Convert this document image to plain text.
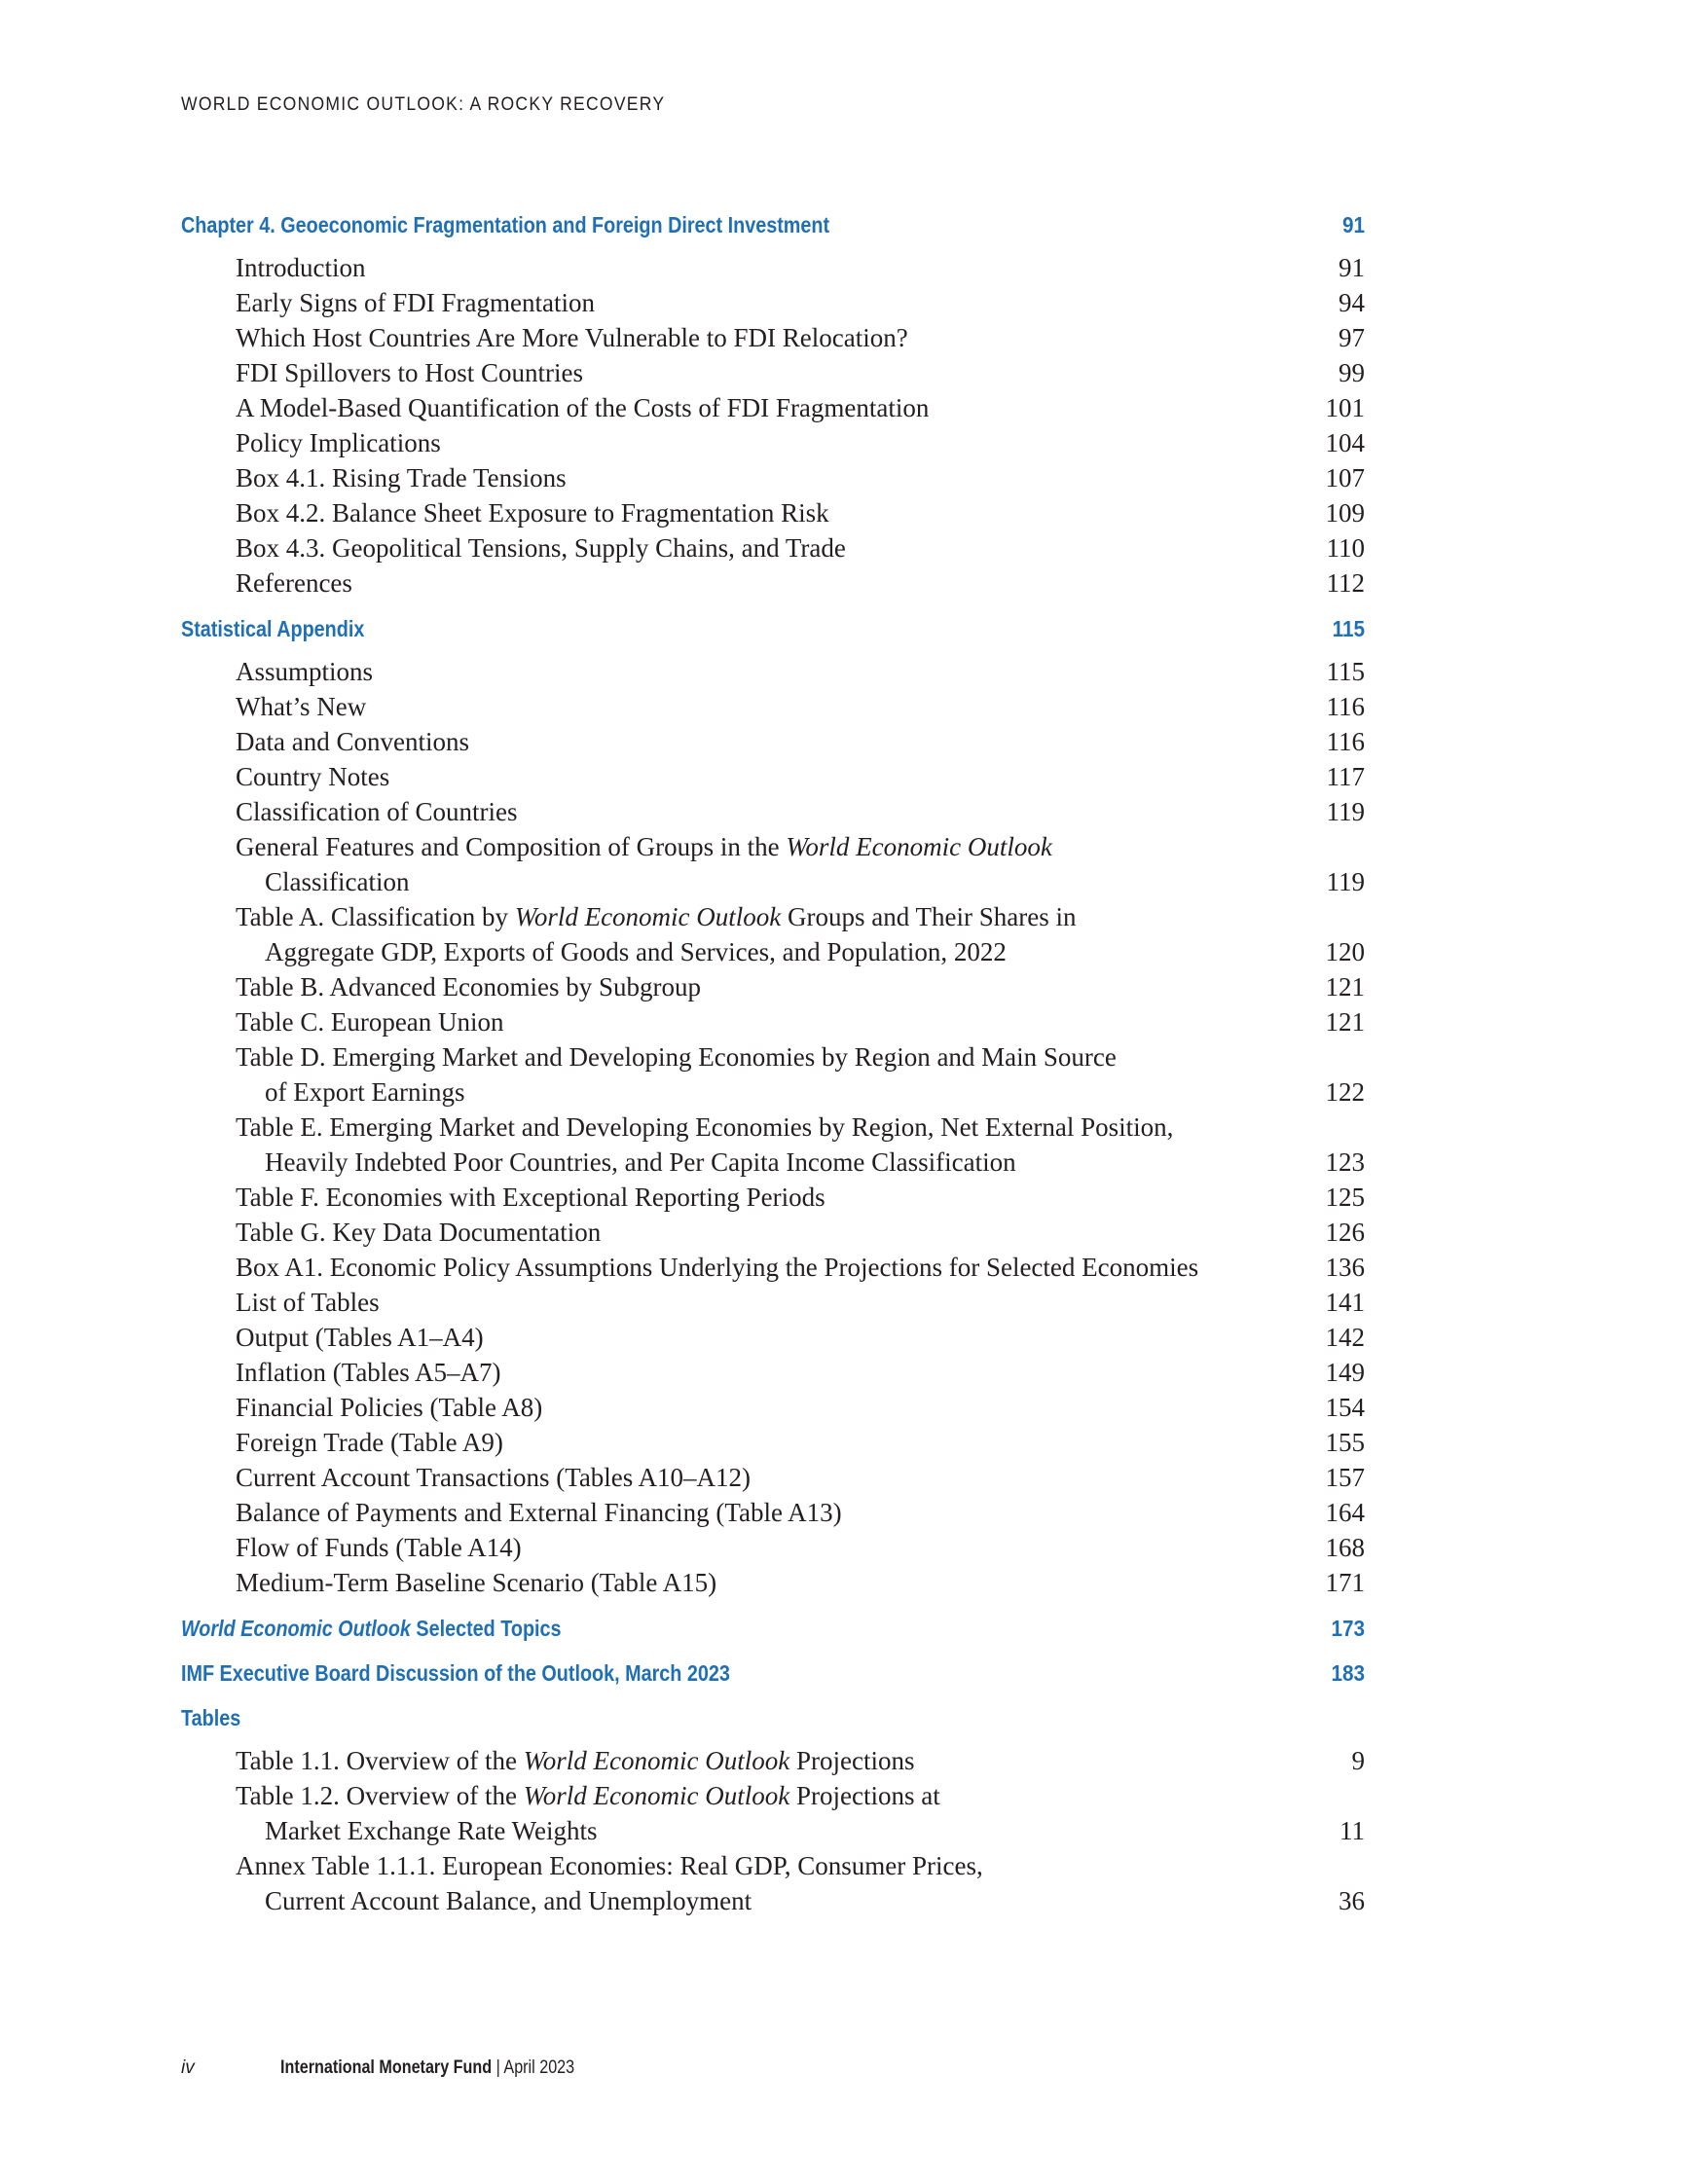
WORLD ECONOMIC OUTLOOK: A ROCKY RECOVERY
Chapter 4. Geoeconomic Fragmentation and Foreign Direct Investment	91
Introduction	91
Early Signs of FDI Fragmentation	94
Which Host Countries Are More Vulnerable to FDI Relocation?	97
FDI Spillovers to Host Countries	99
A Model-Based Quantification of the Costs of FDI Fragmentation	101
Policy Implications	104
Box 4.1. Rising Trade Tensions	107
Box 4.2. Balance Sheet Exposure to Fragmentation Risk	109
Box 4.3. Geopolitical Tensions, Supply Chains, and Trade	110
References	112
Statistical Appendix	115
Assumptions	115
What’s New	116
Data and Conventions	116
Country Notes	117
Classification of Countries	119
General Features and Composition of Groups in the World Economic Outlook
Classification	119
Table A. Classification by World Economic Outlook Groups and Their Shares in
Aggregate GDP, Exports of Goods and Services, and Population, 2022	120
Table B. Advanced Economies by Subgroup	121
Table C. European Union	121
Table D. Emerging Market and Developing Economies by Region and Main Source
of Export Earnings	122
Table E. Emerging Market and Developing Economies by Region, Net External Position,
Heavily Indebted Poor Countries, and Per Capita Income Classification	123
Table F. Economies with Exceptional Reporting Periods	125
Table G. Key Data Documentation	126
Box A1. Economic Policy Assumptions Underlying the Projections for Selected Economies	136
List of Tables	141
Output (Tables A1–A4)	142
Inflation (Tables A5–A7)	149
Financial Policies (Table A8)	154
Foreign Trade (Table A9)	155
Current Account Transactions (Tables A10–A12)	157
Balance of Payments and External Financing (Table A13)	164
Flow of Funds (Table A14)	168
Medium-Term Baseline Scenario (Table A15)	171
World Economic Outlook Selected Topics	173
IMF Executive Board Discussion of the Outlook, March 2023	183
Tables
Table 1.1. Overview of the World Economic Outlook Projections	9
Table 1.2. Overview of the World Economic Outlook Projections at
Market Exchange Rate Weights	11
Annex Table 1.1.1. European Economies: Real GDP, Consumer Prices,
Current Account Balance, and Unemployment	36
iv	International Monetary Fund | April 2023
